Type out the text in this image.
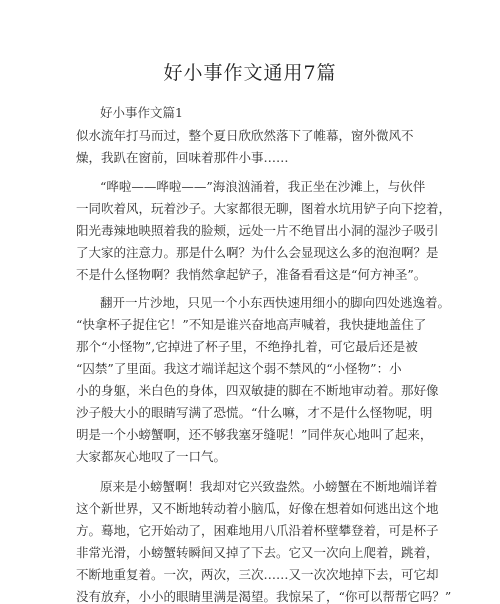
好小事作文通用7篇
好小事作文篇1

似水流年打马而过，整个夏日欣欣然落下了帷幕，窗外微风不

燥，我趴在窗前，回味着那件小事……

“哗啦——哗啦——”海浪汹涌着，我正坐在沙滩上，与伙伴

一同吹着风，玩着沙子。大家都很无聊，图着水坑用铲子向下挖着，

阳光毒辣地映照着我的脸颊，远处一片不绝冒出小洞的湿沙子吸引

了大家的注意力。那是什么啊？为什么会显现这么多的泡泡啊？是

不是什么怪物啊？我悄然拿起铲子，准备看看这是“何方神圣”。

翻开一片沙地，只见一个小东西快速用细小的脚向四处逃逸着。

“快拿杯子捉住它！”不知是谁兴奋地高声喊着，我快捷地盖住了

那个“小怪物”,它掉进了杯子里，不绝挣扎着，可它最后还是被

“囚禁”了里面。我这才端详起这个弱不禁风的“小怪物”：小

小的身躯，米白色的身体，四双敏捷的脚在不断地审动着。那好像

沙子般大小的眼睛写满了恐慌。“什么嘛，才不是什么怪物呢，明

明是一个小螃蟹啊，还不够我塞牙缝呢！”同伴灰心地叫了起来，

大家都灰心地叹了一口气。

原来是小螃蟹啊！我却对它兴致盎然。小螃蟹在不断地端详着

这个新世界，又不断地转动着小脑瓜，好像在想着如何逃出这个地

方。蓦地，它开始动了，困难地用八爪沿着杯壁攀登着，可是杯子

非常光滑，小螃蟹转瞬间又掉了下去。它又一次向上爬着，跳着，

不断地重复着。一次，两次，三次……又一次次地掉下去，可它却

没有放弃，小小的眼睛里满是渴望。我惊呆了，“你可以帮帮它吗？”
